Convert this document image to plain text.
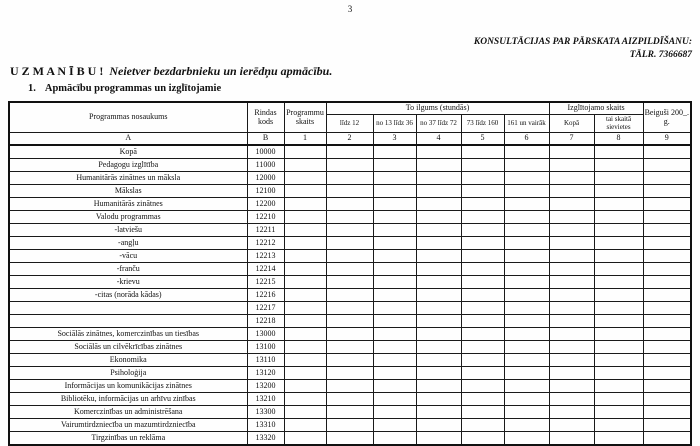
3
KONSULTĀCIJAS PAR PĀRSKATA AIZPILDĪŠANU:
TĀLR. 7366687
U Z M A N Ī B U ! Neietver bezdarbnieku un ierēdņu apmācību.
1. Apmācību programmas un izglītojamie
Programmas nosaukums	Rindas kods	Programmu skaits	To ilgums (stundās)					Izglītojamo skaits		Beiguši 200_. g.
			līdz 12	no 13 līdz 36	no 37 līdz 72	73 līdz 160	161 un vairāk	Kopā	tai skaitā sievietes	
A	B	1	2	3	4	5	6	7	8	9
Kopā	10000									
Pedagogu izglītība	11000									
Humanitārās zinātnes un māksla	12000									
Mākslas	12100									
Humanitārās zinātnes	12200									
Valodu programmas	12210									
-latviešu	12211									
-angļu	12212									
-vācu	12213									
-franču	12214									
-krievu	12215									
-citas (norāda kādas)	12216									
	12217									
	12218									
Sociālās zinātnes, komerczinības un tiesības	13000									
Sociālās un cilvēkrīcības zinātnes	13100									
Ekonomika	13110									
Psiholoģija	13120									
Informācijas un komunikācijas zinātnes	13200									
Bibliotēku, informācijas un arhīvu zinības	13210									
Komerczinības un administrēšana	13300									
Vairumtirdzniecība un mazumtirdzniecība	13310									
Tirgzinības un reklāma	13320									
